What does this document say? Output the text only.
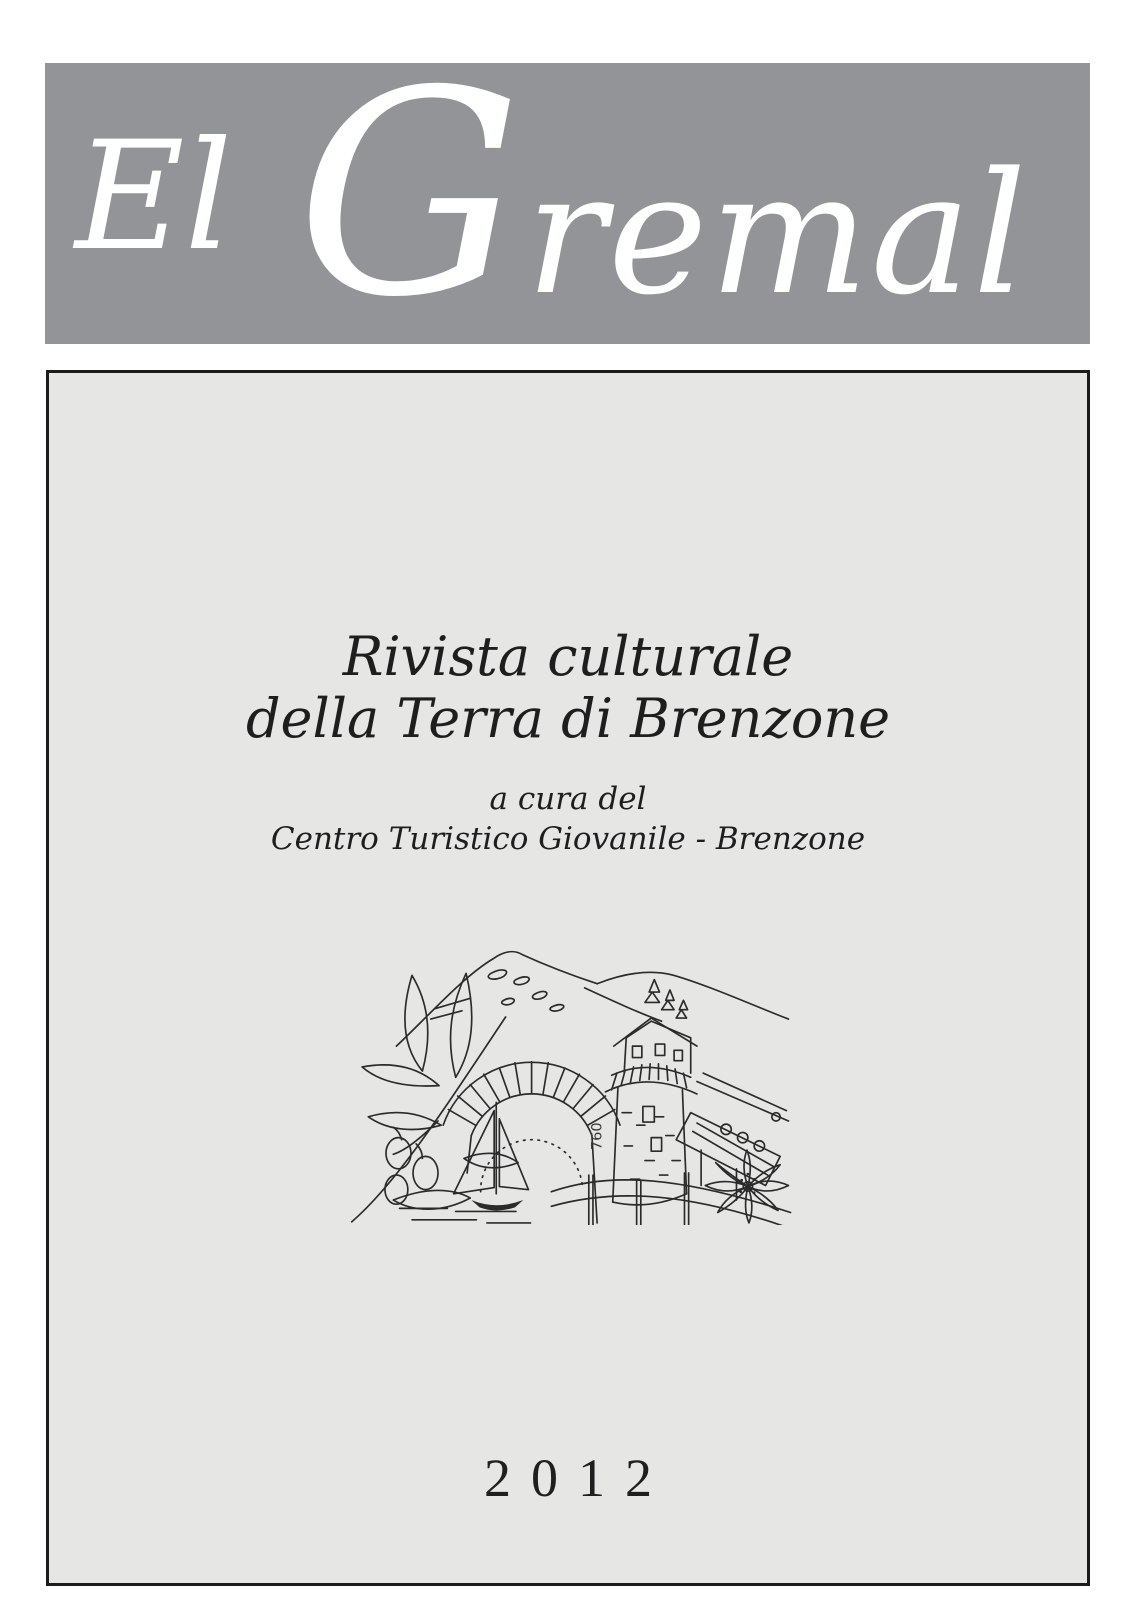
El Gremal
Rivista culturale
della Terra di Brenzone
a cura del
Centro Turistico Giovanile - Brenzone
760
2012
